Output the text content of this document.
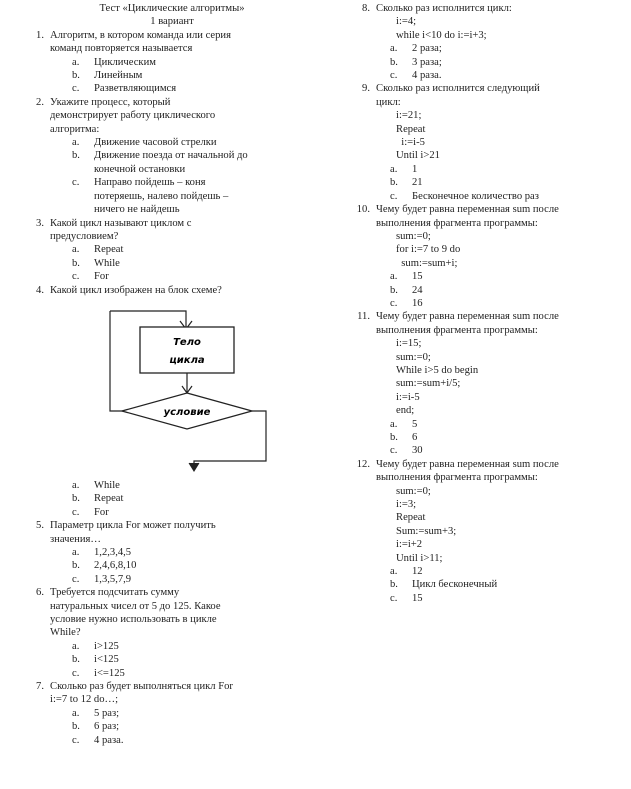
Тест «Циклические алгоритмы»
1 вариант
1. Алгоритм, в котором команда или серия
команд повторяется называется
a.	Циклическим
b.	Линейным
c.	Разветвляющимся
2. Укажите процесс, который
демонстрирует работу циклического
алгоритма:
a.	Движение часовой стрелки
b.	Движение поезда от начальной до
конечной остановки
c.	Направо пойдешь – коня
потеряешь, налево пойдешь –
ничего не найдешь
3. Какой цикл называют циклом с
предусловием?
a.	Repeat
b.	While
c.	For
4. Какой цикл изображен на блок схеме?
Тело
цикла
условие
a.	While
b.	Repeat
c.	For
5. Параметр цикла For может получить
значения…
a.	1,2,3,4,5
b.	2,4,6,8,10
c.	1,3,5,7,9
6. Требуется подсчитать сумму
натуральных чисел от 5 до 125. Какое
условие нужно использовать в цикле
While?
a.	i>125
b.	i<125
c.	i<=125
7. Сколько раз будет выполняться цикл For
i:=7 to 12 do…;
a.	5 раз;
b.	6 раз;
c.	4 раза.
8. Сколько раз исполнится цикл:
i:=4;
while i<10 do i:=i+3;
a.	2 раза;
b.	3 раза;
c.	4 раза.
9. Сколько раз исполнится следующий
цикл:
i:=21;
Repeat
i:=i-5
Until i>21
a.	1
b.	21
c.	Бесконечное количество раз
10. Чему будет равна переменная sum после
выполнения фрагмента программы:
sum:=0;
for i:=7 to 9 do
sum:=sum+i;
a.	15
b.	24
c.	16
11. Чему будет равна переменная sum после
выполнения фрагмента программы:
i:=15;
sum:=0;
While i>5 do begin
sum:=sum+i/5;
i:=i-5
end;
a.	5
b.	6
c.	30
12. Чему будет равна переменная sum после
выполнения фрагмента программы:
sum:=0;
i:=3;
Repeat
Sum:=sum+3;
i:=i+2
Until i>11;
a.	12
b.	Цикл бесконечный
c.	15
